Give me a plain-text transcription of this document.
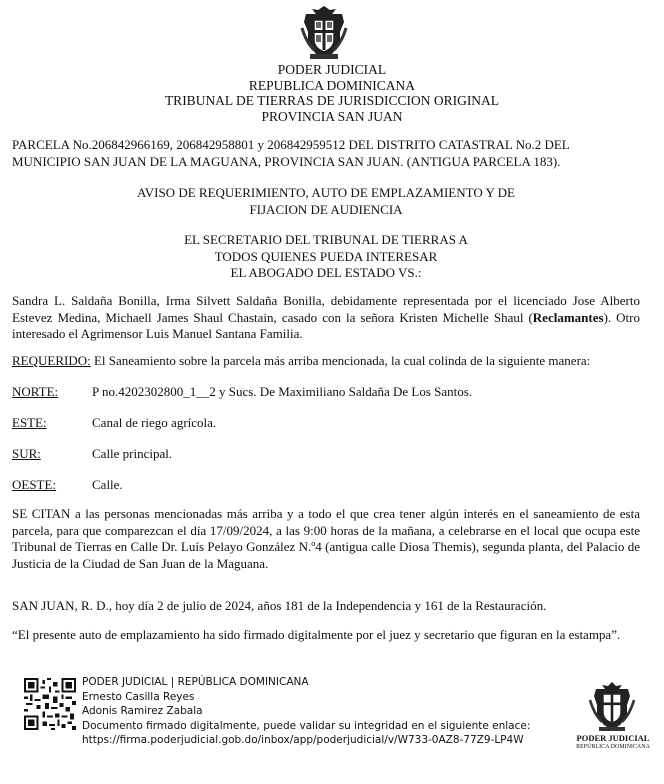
PODER JUDICIAL
REPUBLICA DOMINICANA
TRIBUNAL DE TIERRAS DE JURISDICCION ORIGINAL
PROVINCIA SAN JUAN
PARCELA No.206842966169, 206842958801 y 206842959512 DEL DISTRITO CATASTRAL No.2 DEL
MUNICIPIO SAN JUAN DE LA MAGUANA, PROVINCIA SAN JUAN. (ANTIGUA PARCELA 183).
AVISO DE REQUERIMIENTO, AUTO DE EMPLAZAMIENTO Y DE
FIJACION DE AUDIENCIA
EL SECRETARIO DEL TRIBUNAL DE TIERRAS A
TODOS QUIENES PUEDA INTERESAR
EL ABOGADO DEL ESTADO VS.:
Sandra L. Saldaña Bonilla, Irma Silvett Saldaña Bonilla, debidamente representada por el licenciado Jose Alberto Estevez Medina, Michaell James Shaul Chastain, casado con la señora Kristen Michelle Shaul (Reclamantes). Otro interesado el Agrimensor Luis Manuel Santana Familia.
REQUERIDO: El Saneamiento sobre la parcela más arriba mencionada, la cual colinda de la siguiente manera:
NORTE:	P no.4202302800_1__2 y Sucs. De Maximiliano Saldaña De Los Santos.
ESTE:	Canal de riego agrícola.
SUR:	Calle principal.
OESTE:	Calle.
SE CITAN a las personas mencionadas más arriba y a todo el que crea tener algún interés en el saneamiento de esta parcela, para que comparezcan el día 17/09/2024, a las 9:00 horas de la mañana, a celebrarse en el local que ocupa este Tribunal de Tierras en Calle Dr. Luís Pelayo González N.º4 (antigua calle Diosa Themis), segunda planta, del Palacio de Justicia de la Ciudad de San Juan de la Maguana.
SAN JUAN, R. D., hoy día 2 de julio de 2024, años 181 de la Independencia y 161 de la Restauración.
“El presente auto de emplazamiento ha sido firmado digitalmente por el juez y secretario que figuran en la estampa”.
PODER JUDICIAL | REPÚBLICA DOMINICANA
Ernesto Casilla Reyes
Adonis Ramirez Zabala
Documento firmado digitalmente, puede validar su integridad en el siguiente enlace:
https://firma.poderjudicial.gob.do/inbox/app/poderjudicial/v/W733-0AZ8-77Z9-LP4W	PODER JUDICIAL
REPÚBLICA DOMINICANA
